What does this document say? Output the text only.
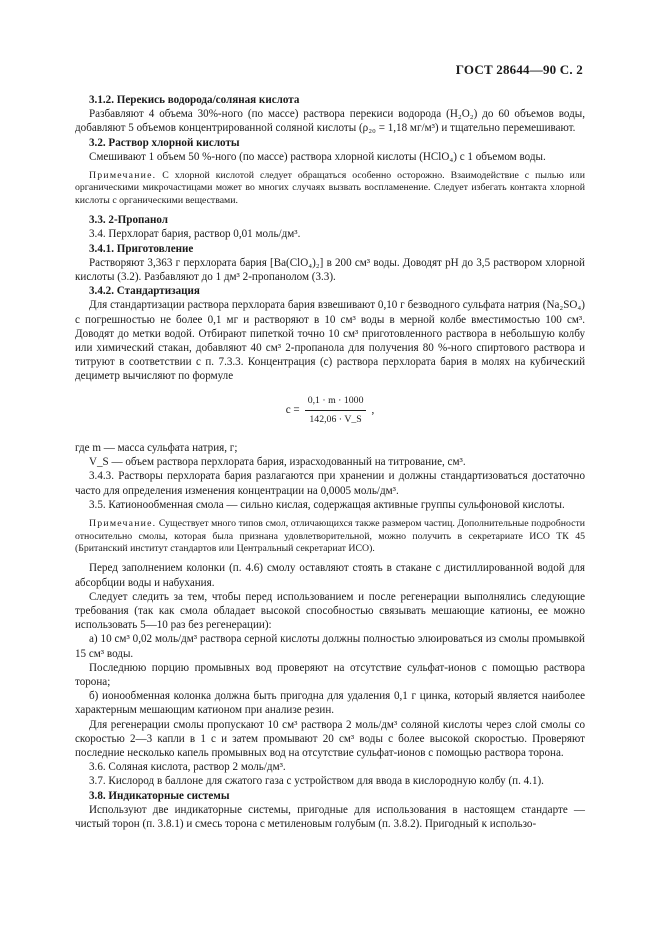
ГОСТ 28644—90 С. 2

3.1.2. Перекись водорода/соляная кислота

Разбавляют 4 объема 30%-ного (по массе) раствора перекиси водорода (H₂O₂) до 60 объемов воды, добавляют 5 объемов концентрированной соляной кислоты (ρ₂₀ = 1,18 мг/м³) и тщательно перемешивают.

3.2. Раствор хлорной кислоты

Смешивают 1 объем 50 %-ного (по массе) раствора хлорной кислоты (HClO₄) с 1 объемом воды.

Примечание. С хлорной кислотой следует обращаться особенно осторожно. Взаимодействие с пылью или органическими микрочастицами может во многих случаях вызвать воспламенение. Следует избегать контакта хлорной кислоты с органическими веществами.

3.3. 2-Пропанол

3.4. Перхлорат бария, раствор 0,01 моль/дм³.

3.4.1. Приготовление

Растворяют 3,363 г перхлората бария [Ba(ClO₄)₂] в 200 см³ воды. Доводят pH до 3,5 раствором хлорной кислоты (3.2). Разбавляют до 1 дм³ 2-пропанолом (3.3).

3.4.2. Стандартизация

Для стандартизации раствора перхлората бария взвешивают 0,10 г безводного сульфата натрия (Na₂SO₄) с погрешностью не более 0,1 мг и растворяют в 10 см³ воды в мерной колбе вместимостью 100 см³. Доводят до метки водой. Отбирают пипеткой точно 10 см³ приготовленного раствора в небольшую колбу или химический стакан, добавляют 40 см³ 2-пропанола для получения 80 %-ного спиртового раствора и титруют в соответствии с п. 7.3.3. Концентрация (c) раствора перхлората бария в молях на кубический дециметр вычисляют по формуле

$c = \frac{0,1 \cdot m \cdot 1000}{142,06 \cdot V\_S}$ ,

где m — масса сульфата натрия, г;

V_S — объем раствора перхлората бария, израсходованный на титрование, см³.

3.4.3. Растворы перхлората бария разлагаются при хранении и должны стандартизоваться достаточно часто для определения изменения концентрации на 0,0005 моль/дм³.

3.5. Катионообменная смола — сильно кислая, содержащая активные группы сульфоновой кислоты.

Примечание. Существует много типов смол, отличающихся также размером частиц. Дополнительные подробности относительно смолы, которая была признана удовлетворительной, можно получить в секретариате ИСО ТК 45 (Британский институт стандартов или Центральный секретариат ИСО).

Перед заполнением колонки (п. 4.6) смолу оставляют стоять в стакане с дистиллированной водой для абсорбции воды и набухания.

Следует следить за тем, чтобы перед использованием и после регенерации выполнялись следующие требования (так как смола обладает высокой способностью связывать мешающие катионы, ее можно использовать 5—10 раз без регенерации):

а) 10 см³ 0,02 моль/дм³ раствора серной кислоты должны полностью элюироваться из смолы промывкой 15 см³ воды.

Последнюю порцию промывных вод проверяют на отсутствие сульфат-ионов с помощью раствора торона;

б) ионообменная колонка должна быть пригодна для удаления 0,1 г цинка, который является наиболее характерным мешающим катионом при анализе резин.

Для регенерации смолы пропускают 10 см³ раствора 2 моль/дм³ соляной кислоты через слой смолы со скоростью 2—3 капли в 1 с и затем промывают 20 см³ воды с более высокой скоростью. Проверяют последние несколько капель промывных вод на отсутствие сульфат-ионов с помощью раствора торона.

3.6. Соляная кислота, раствор 2 моль/дм³.

3.7. Кислород в баллоне для сжатого газа с устройством для ввода в кислородную колбу (п. 4.1).

3.8. Индикаторные системы

Используют две индикаторные системы, пригодные для использования в настоящем стандарте — чистый торон (п. 3.8.1) и смесь торона с метиленовым голубым (п. 3.8.2). Пригодный к использо-
